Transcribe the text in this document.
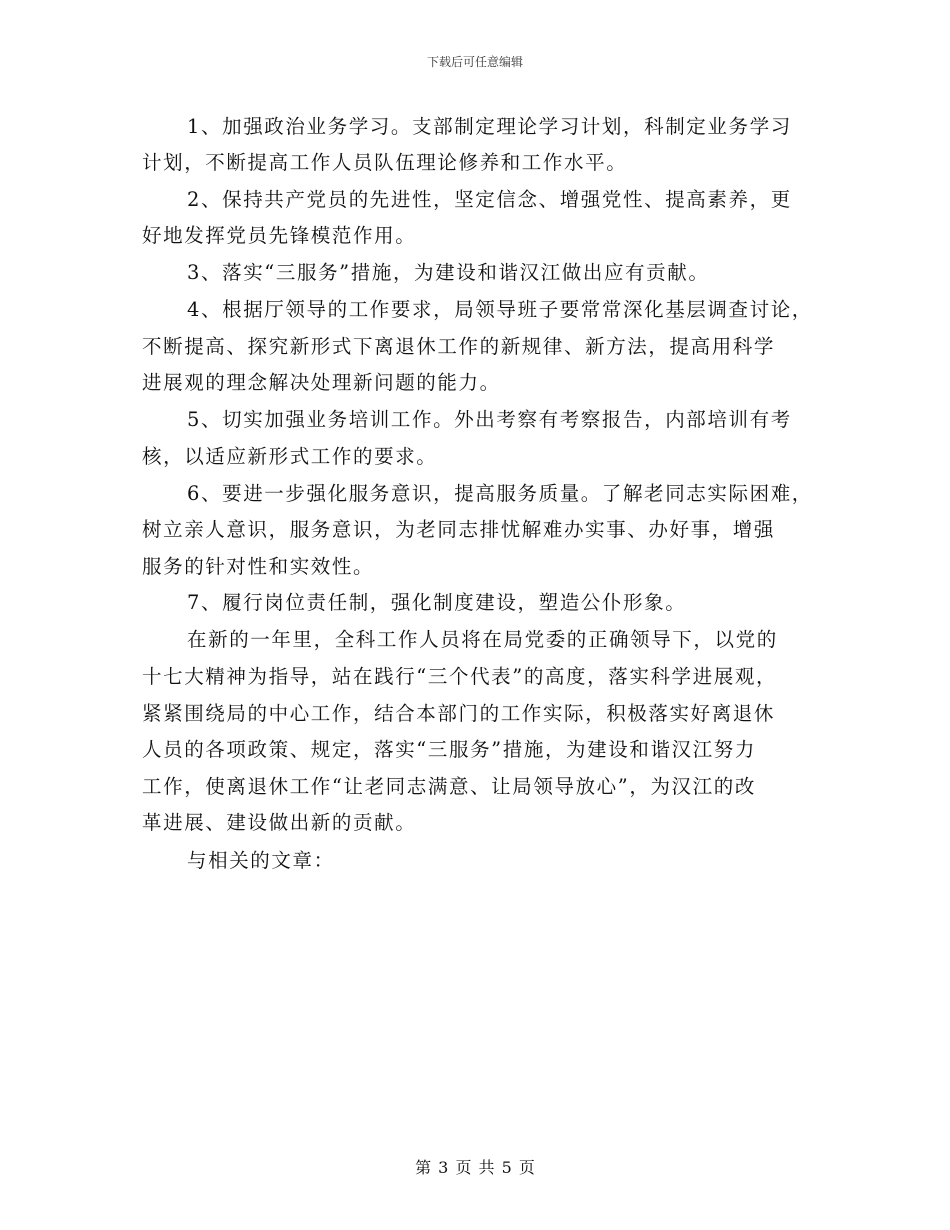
下载后可任意编辑
1、加强政治业务学习。支部制定理论学习计划，科制定业务学习
计划，不断提高工作人员队伍理论修养和工作水平。
2、保持共产党员的先进性，坚定信念、增强党性、提高素养，更
好地发挥党员先锋模范作用。
3、落实“三服务”措施，为建设和谐汉江做出应有贡献。
4、根据厅领导的工作要求，局领导班子要常常深化基层调查讨论，
不断提高、探究新形式下离退休工作的新规律、新方法，提高用科学
进展观的理念解决处理新问题的能力。
5、切实加强业务培训工作。外出考察有考察报告，内部培训有考
核，以适应新形式工作的要求。
6、要进一步强化服务意识，提高服务质量。了解老同志实际困难，
树立亲人意识，服务意识，为老同志排忧解难办实事、办好事，增强
服务的针对性和实效性。
7、履行岗位责任制，强化制度建设，塑造公仆形象。
在新的一年里，全科工作人员将在局党委的正确领导下，以党的
十七大精神为指导，站在践行“三个代表”的高度，落实科学进展观，
紧紧围绕局的中心工作，结合本部门的工作实际，积极落实好离退休
人员的各项政策、规定，落实“三服务”措施，为建设和谐汉江努力
工作，使离退休工作“让老同志满意、让局领导放心”，为汉江的改
革进展、建设做出新的贡献。
与相关的文章：
第 3 页 共 5 页
